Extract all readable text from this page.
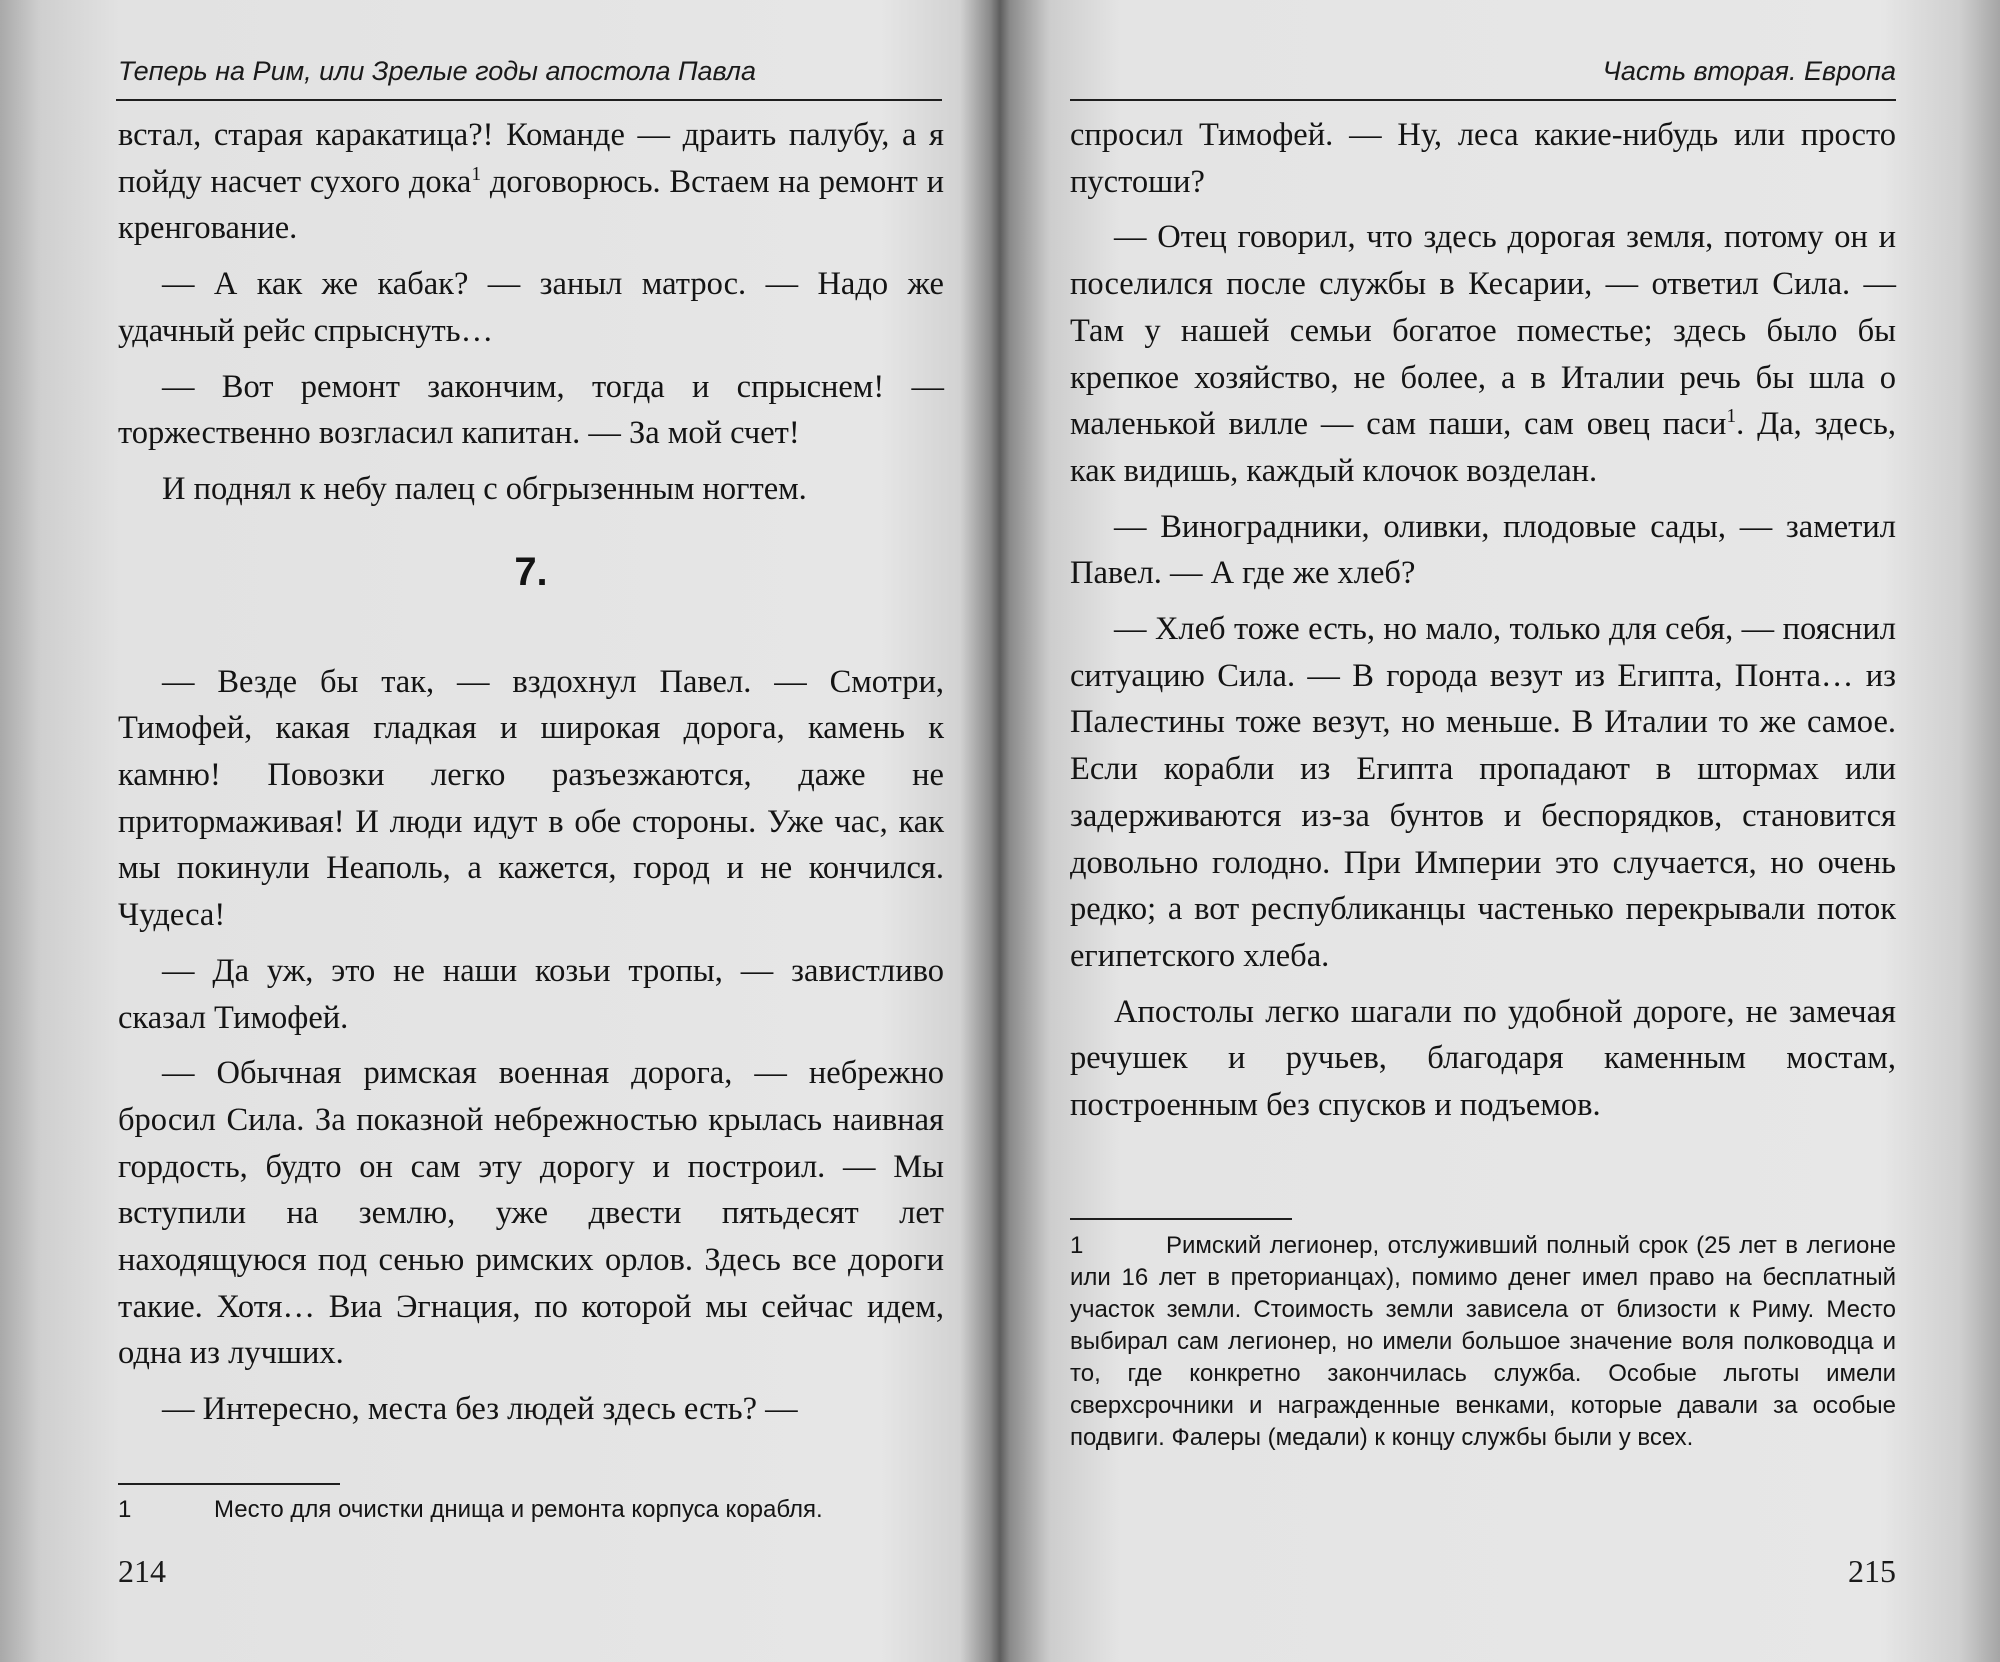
Теперь на Рим, или Зрелые годы апостола Павла

встал, старая каракатица?! Команде — драить палубу, а я пойду насчет сухого дока$^1$ договорюсь. Встаем на ремонт и кренгование.

— А как же кабак? — заныл матрос. — Надо же удачный рейс спрыснуть…

— Вот ремонт закончим, тогда и спрыснем! — торжественно возгласил капитан. — За мой счет!

И поднял к небу палец с обгрызенным ногтем.

7.

— Везде бы так, — вздохнул Павел. — Смотри, Тимофей, какая гладкая и широкая дорога, камень к камню! Повозки легко разъезжаются, даже не притормаживая! И люди идут в обе стороны. Уже час, как мы покинули Неаполь, а кажется, город и не кончился. Чудеса!

— Да уж, это не наши козьи тропы, — завистливо сказал Тимофей.

— Обычная римская военная дорога, — небрежно бросил Сила. За показной небрежностью крылась наивная гордость, будто он сам эту дорогу и построил. — Мы вступили на землю, уже двести пятьдесят лет находящуюся под сенью римских орлов. Здесь все дороги такие. Хотя… Виа Эгнация, по которой мы сейчас идем, одна из лучших.

— Интересно, места без людей здесь есть? —

1	Место для очистки днища и ремонта корпуса корабля.
214
Часть вторая. Европа

спросил Тимофей. — Ну, леса какие-нибудь или просто пустоши?

— Отец говорил, что здесь дорогая земля, потому он и поселился после службы в Кесарии, — ответил Сила. — Там у нашей семьи богатое поместье; здесь было бы крепкое хозяйство, не более, а в Италии речь бы шла о маленькой вилле — сам паши, сам овец паси$^1$. Да, здесь, как видишь, каждый клочок возделан.

— Виноградники, оливки, плодовые сады, — заметил Павел. — А где же хлеб?

— Хлеб тоже есть, но мало, только для себя, — пояснил ситуацию Сила. — В города везут из Египта, Понта… из Палестины тоже везут, но меньше. В Италии то же самое. Если корабли из Египта пропадают в штормах или задерживаются из-за бунтов и беспорядков, становится довольно голодно. При Империи это случается, но очень редко; а вот республиканцы частенько перекрывали поток египетского хлеба.

Апостолы легко шагали по удобной дороге, не замечая речушек и ручьев, благодаря каменным мостам, построенным без спусков и подъемов.

1	Римский легионер, отслуживший полный срок (25 лет в легионе или 16 лет в преторианцах), помимо денег имел право на бесплатный участок земли. Стоимость земли зависела от близости к Риму. Место выбирал сам легионер, но имели большое значение воля полководца и то, где конкретно закончилась служба. Особые льготы имели сверхсрочники и награжденные венками, которые давали за особые подвиги. Фалеры (медали) к концу службы были у всех.
215
